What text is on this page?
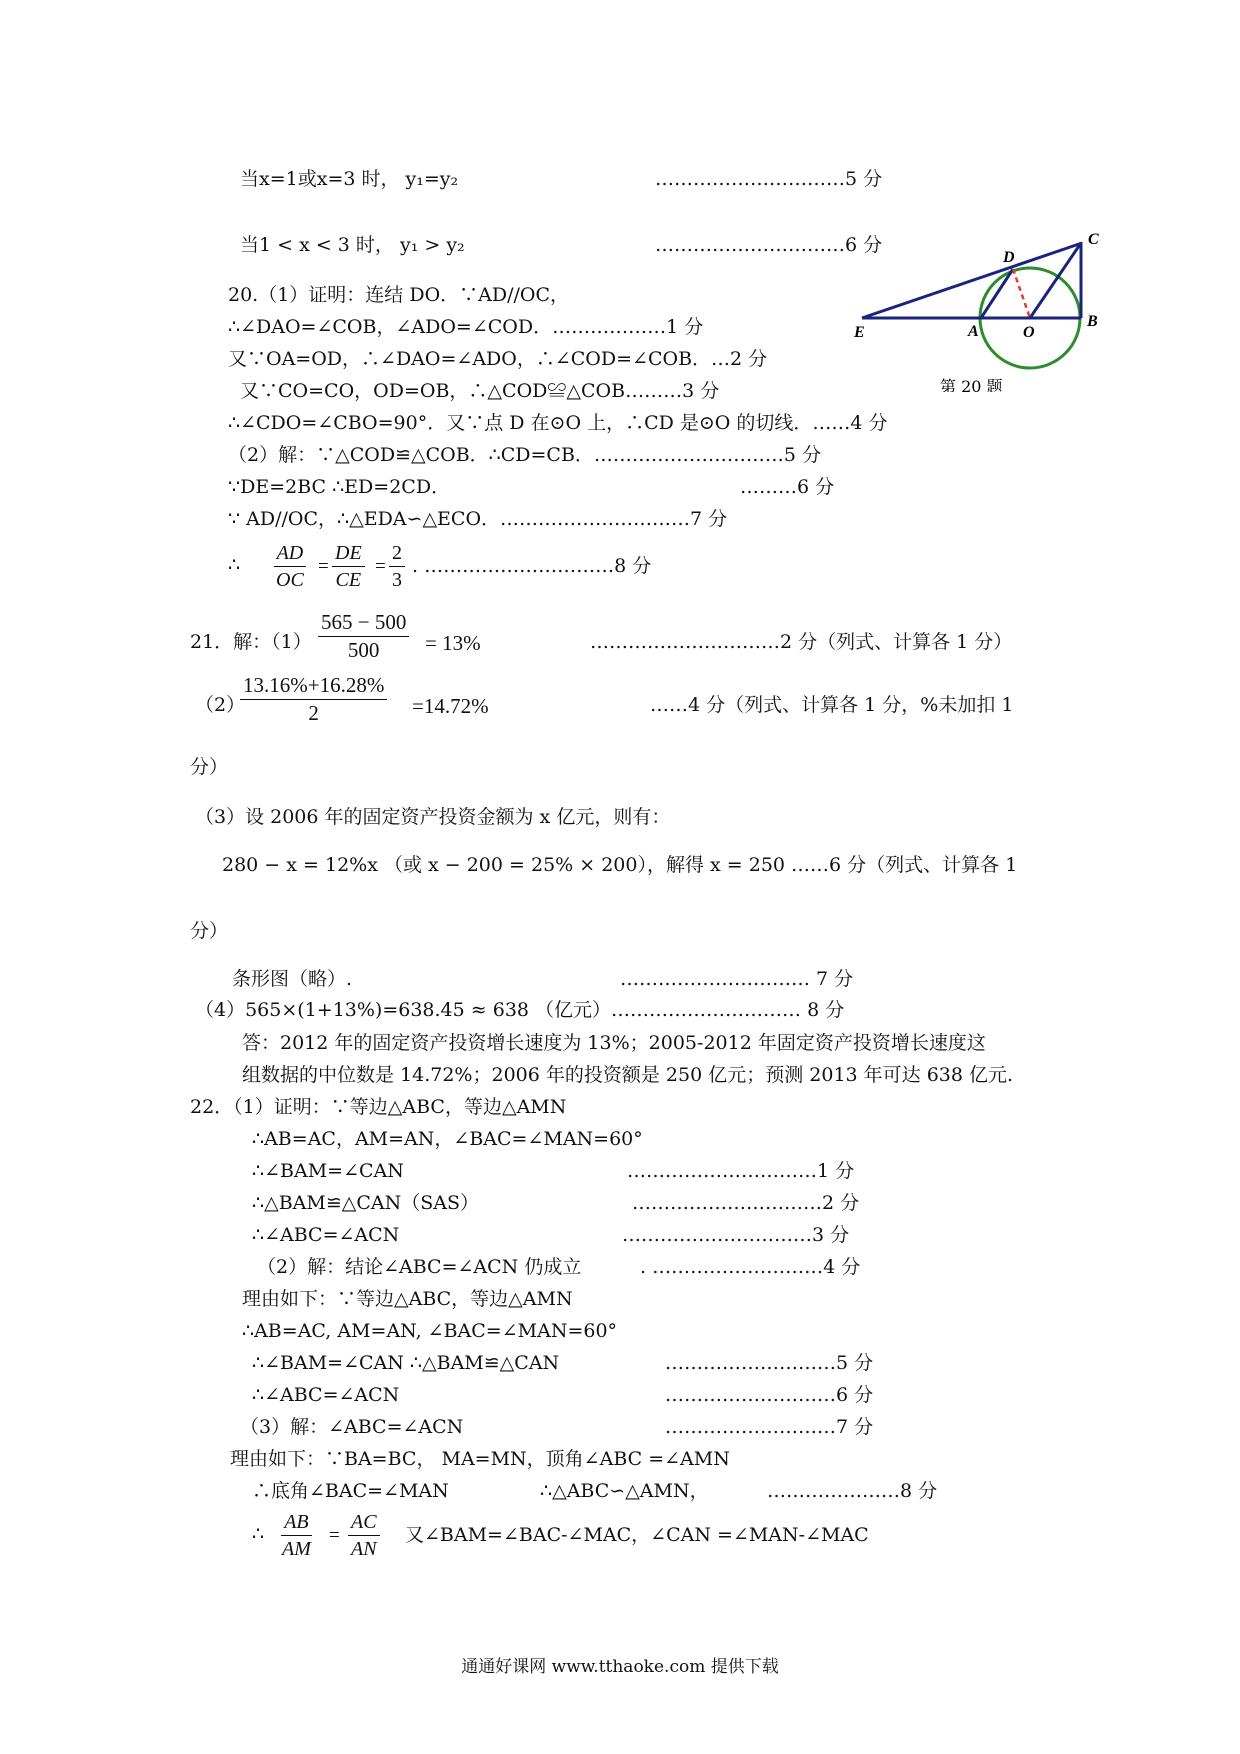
当x=1或x=3 时， y₁=y₂	…………………………5 分
当1 < x < 3 时， y₁ > y₂	…………………………6 分
20.（1）证明：连结 DO．∵AD//OC，
∴∠DAO=∠COB，∠ADO=∠COD．………………1 分
又∵OA=OD，∴∠DAO=∠ADO，∴∠COD=∠COB．…2 分
又∵CO=CO，OD=OB，∴△COD≌△COB………3 分
∴∠CDO=∠CBO=90°．又∵点 D 在⊙O 上，∴CD 是⊙O 的切线．……4 分
（2）解：∵△COD≌△COB．∴CD=CB．…………………………5 分
∵DE=2BC ∴ED=2CD．	………6 分
∵ AD//OC，∴△EDA∽△ECO．…………………………7 分
∴ $\frac{AD}{OC} = \frac{DE}{CE} = \frac{2}{3}$ . …………………………8 分
C
D
E	A	O
B
第 20 题
21．解：$(1) \frac{565 - 500}{500} = 13\%$	…………………………2 分（列式、计算各 1 分）
（2）
$\frac{13.16\%+16.28\%}{2} =14.72\%$	……4 分（列式、计算各 1 分，%未加扣 1
分）
（3）设 2006 年的固定资产投资金额为 x 亿元，则有：
280 − x = 12%x （或 x − 200 = 25% × 200），解得 x = 250 ……6 分（列式、计算各 1
分）
条形图（略）.	………………………… 7 分
（4）565×(1+13%)=638.45 ≈ 638 （亿元）………………………… 8 分
答：2012 年的固定资产投资增长速度为 13%；2005-2012 年固定资产投资增长速度这
组数据的中位数是 14.72%；2006 年的投资额是 250 亿元；预测 2013 年可达 638 亿元.
22．（1）证明：∵等边△ABC，等边△AMN
∴AB=AC，AM=AN，∠BAC=∠MAN=60°
∴∠BAM=∠CAN	…………………………1 分
∴△BAM≌△CAN（SAS）	…………………………2 分
∴∠ABC=∠ACN	…………………………3 分
（2）解：结论∠ABC=∠ACN 仍成立	. ………………………4 分
理由如下：∵等边△ABC，等边△AMN
∴AB=AC, AM=AN, ∠BAC=∠MAN=60°
∴∠BAM=∠CAN ∴△BAM≌△CAN	………………………5 分
∴∠ABC=∠ACN	………………………6 分
（3）解：∠ABC=∠ACN	………………………7 分
理由如下：∵BA=BC， MA=MN，顶角∠ABC =∠AMN
∴底角∠BAC=∠MAN	∴△ABC∽△AMN，	…………………8 分
∴ $\frac{AB}{AM} = \frac{AC}{AN}$ 又∠BAM=∠BAC-∠MAC，∠CAN =∠MAN-∠MAC
通通好课网 www.tthaoke.com 提供下载
